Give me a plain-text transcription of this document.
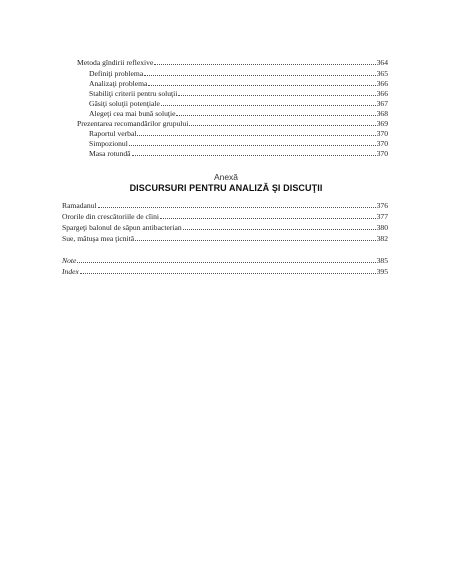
Metoda gîndirii reflexive	364
Definiţi problema	365
Analizaţi problema	366
Stabiliţi criterii pentru soluţii	366
Găsiţi soluţii potenţiale	367
Alegeţi cea mai bună soluţie	368
Prezentarea recomandărilor grupului	369
Raportul verbal	370
Simpozionul	370
Masa rotundă	370
Anexă
DISCURSURI PENTRU ANALIZĂ ŞI DISCUŢII
Ramadanul	376
Ororile din crescătoriile de cîini	377
Spargeţi balonul de săpun antibacterian	380
Sue, mătuşa mea ţicnită	382
Note	385
Index	395
